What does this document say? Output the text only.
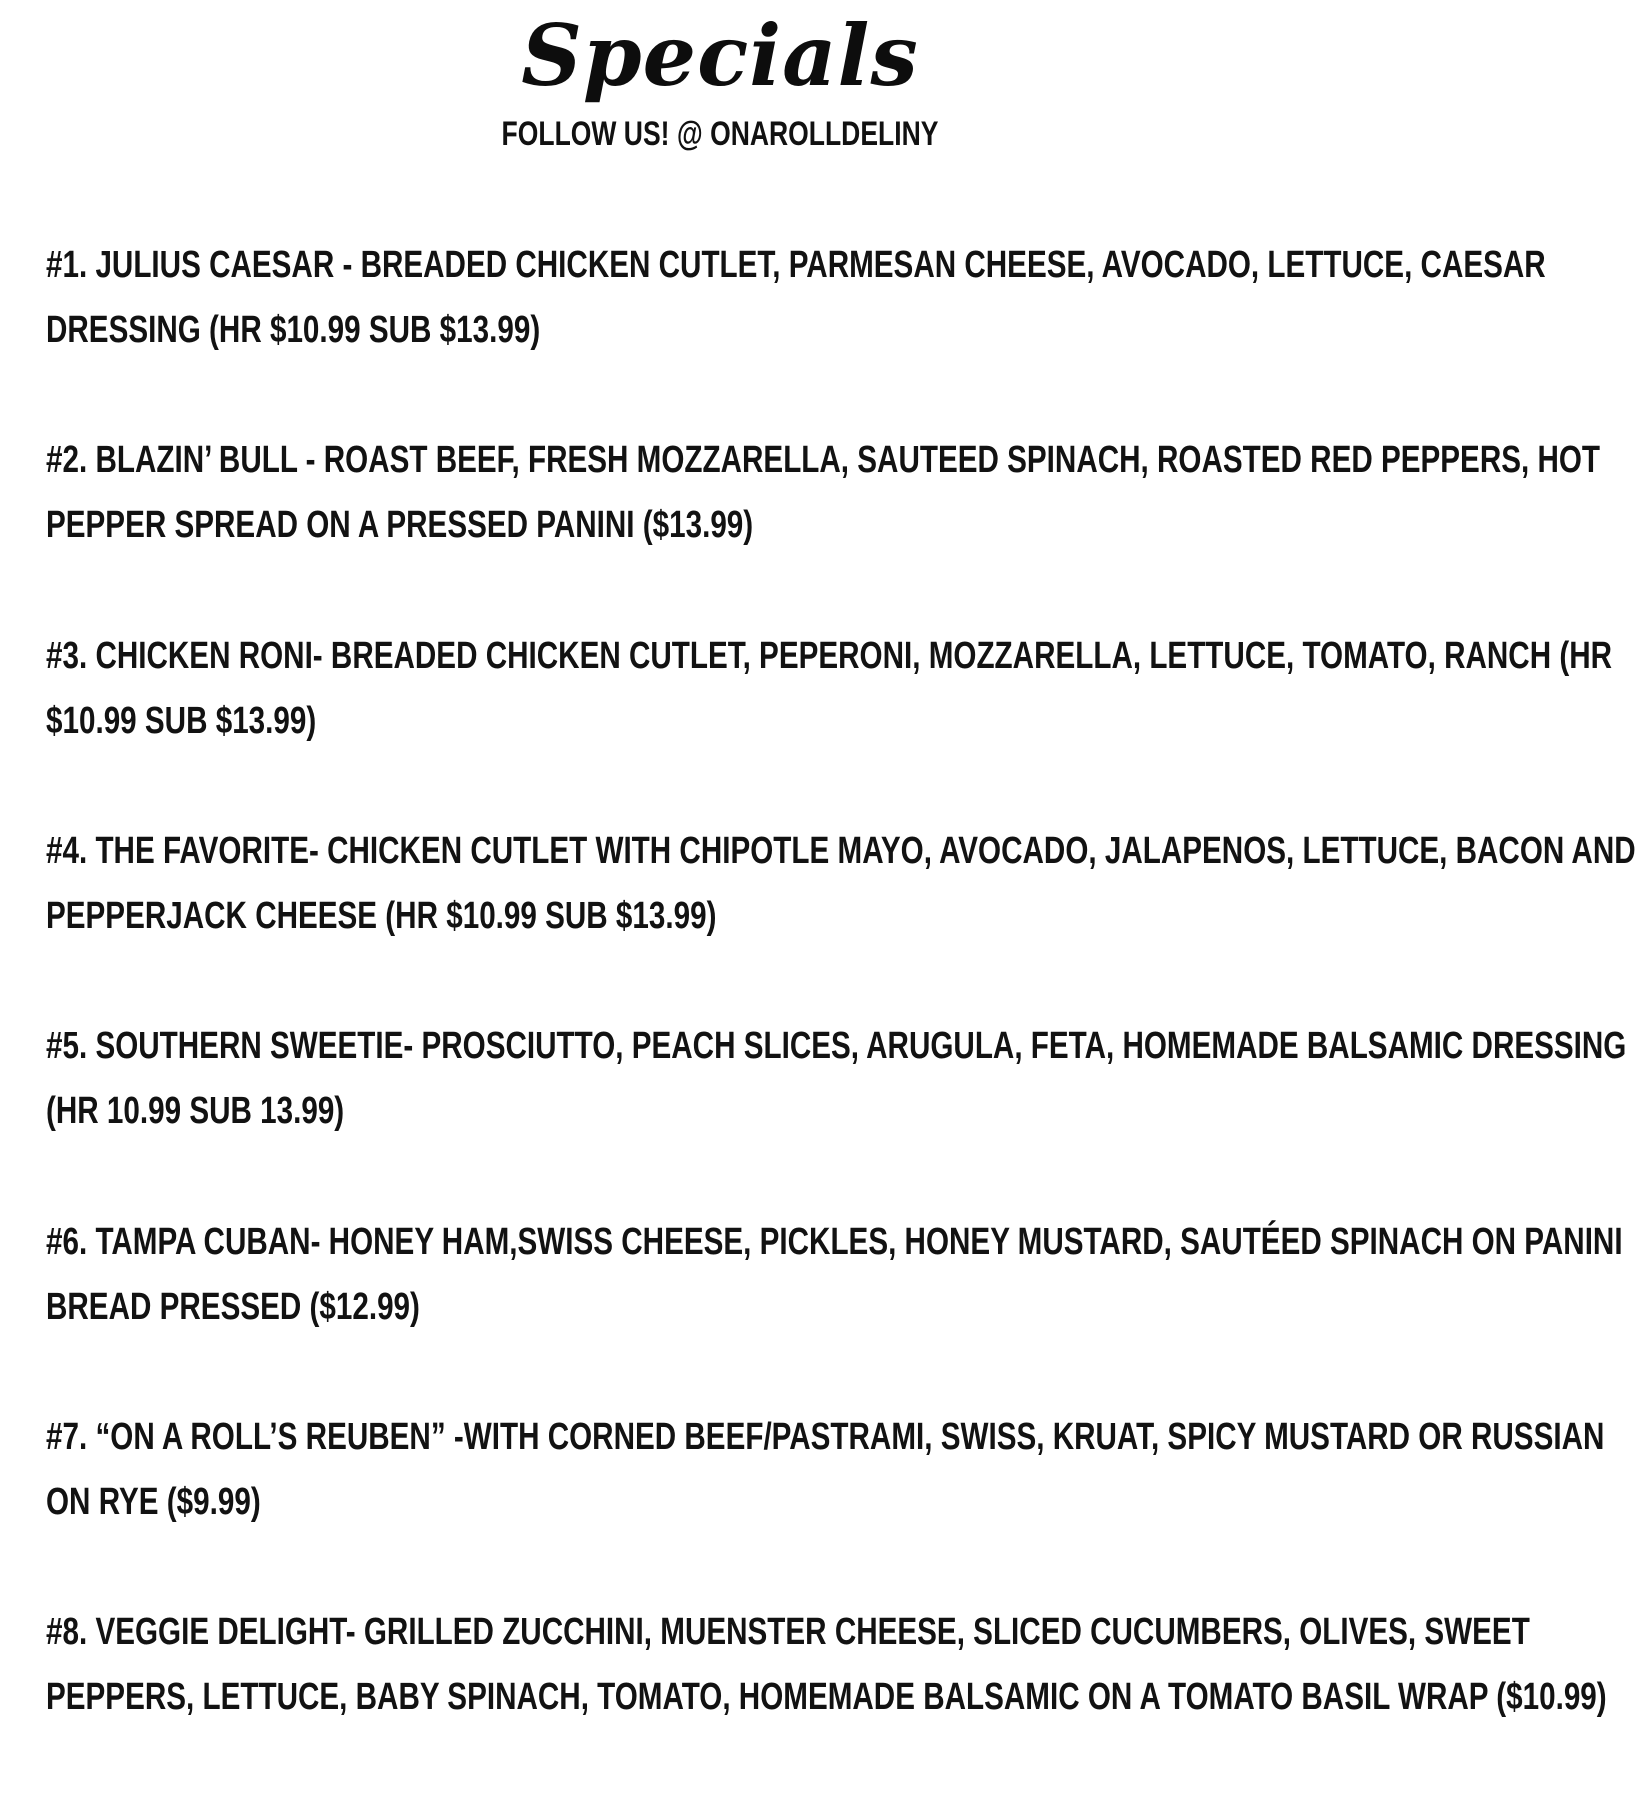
Specials
FOLLOW US! @ ONAROLLDELINY
#1. JULIUS CAESAR - BREADED CHICKEN CUTLET, PARMESAN CHEESE, AVOCADO, LETTUCE, CAESAR
DRESSING (HR $10.99 SUB $13.99)
#2. BLAZIN’ BULL - ROAST BEEF, FRESH MOZZARELLA, SAUTEED SPINACH, ROASTED RED PEPPERS, HOT
PEPPER SPREAD ON A PRESSED PANINI ($13.99)
#3. CHICKEN RONI- BREADED CHICKEN CUTLET, PEPERONI, MOZZARELLA, LETTUCE, TOMATO, RANCH (HR
$10.99 SUB $13.99)
#4. THE FAVORITE- CHICKEN CUTLET WITH CHIPOTLE MAYO, AVOCADO, JALAPENOS, LETTUCE, BACON AND
PEPPERJACK CHEESE (HR $10.99 SUB $13.99)
#5. SOUTHERN SWEETIE- PROSCIUTTO, PEACH SLICES, ARUGULA, FETA, HOMEMADE BALSAMIC DRESSING
(HR 10.99 SUB 13.99)
#6. TAMPA CUBAN- HONEY HAM,SWISS CHEESE, PICKLES, HONEY MUSTARD, SAUTÉED SPINACH ON PANINI
BREAD PRESSED ($12.99)
#7. “ON A ROLL’S REUBEN” -WITH CORNED BEEF/PASTRAMI, SWISS, KRUAT, SPICY MUSTARD OR RUSSIAN
ON RYE ($9.99)
#8. VEGGIE DELIGHT- GRILLED ZUCCHINI, MUENSTER CHEESE, SLICED CUCUMBERS, OLIVES, SWEET
PEPPERS, LETTUCE, BABY SPINACH, TOMATO, HOMEMADE BALSAMIC ON A TOMATO BASIL WRAP ($10.99)
